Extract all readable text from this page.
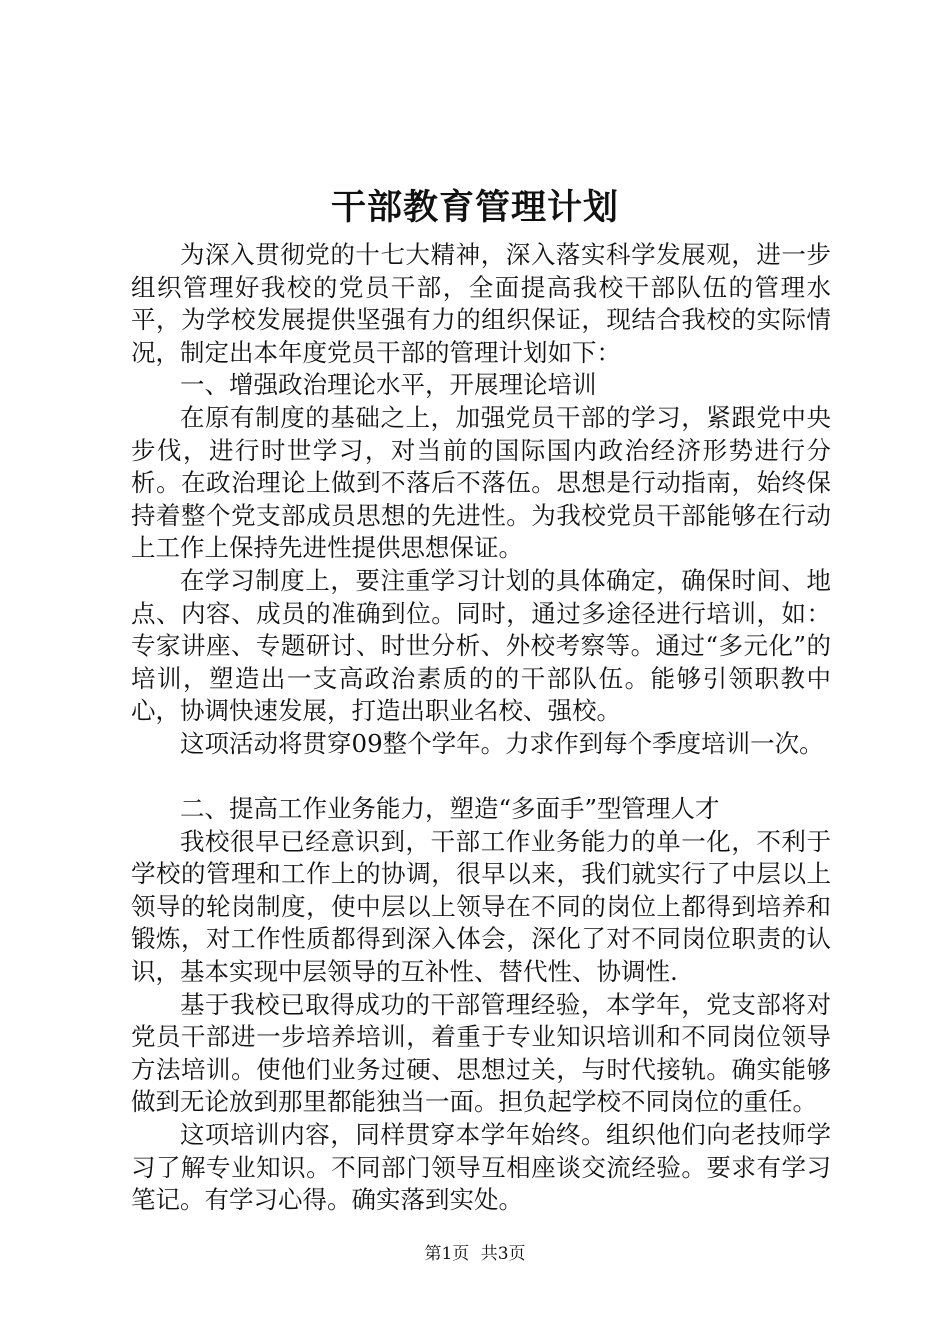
干部教育管理计划

为深入贯彻党的十七大精神，深入落实科学发展观，进一步组织管理好我校的党员干部，全面提高我校干部队伍的管理水平，为学校发展提供坚强有力的组织保证，现结合我校的实际情况，制定出本年度党员干部的管理计划如下：

一、增强政治理论水平，开展理论培训

在原有制度的基础之上，加强党员干部的学习，紧跟党中央步伐，进行时世学习，对当前的国际国内政治经济形势进行分析。在政治理论上做到不落后不落伍。思想是行动指南，始终保持着整个党支部成员思想的先进性。为我校党员干部能够在行动上工作上保持先进性提供思想保证。

在学习制度上，要注重学习计划的具体确定，确保时间、地点、内容、成员的准确到位。同时，通过多途径进行培训，如：专家讲座、专题研讨、时世分析、外校考察等。通过“多元化”的培训，塑造出一支高政治素质的的干部队伍。能够引领职教中心，协调快速发展，打造出职业名校、强校。

这项活动将贯穿09整个学年。力求作到每个季度培训一次。

二、提高工作业务能力，塑造“多面手”型管理人才

我校很早已经意识到，干部工作业务能力的单一化，不利于学校的管理和工作上的协调，很早以来，我们就实行了中层以上领导的轮岗制度，使中层以上领导在不同的岗位上都得到培养和锻炼，对工作性质都得到深入体会，深化了对不同岗位职责的认识，基本实现中层领导的互补性、替代性、协调性.

基于我校已取得成功的干部管理经验，本学年，党支部将对党员干部进一步培养培训，着重于专业知识培训和不同岗位领导方法培训。使他们业务过硬、思想过关，与时代接轨。确实能够做到无论放到那里都能独当一面。担负起学校不同岗位的重任。

这项培训内容，同样贯穿本学年始终。组织他们向老技师学习了解专业知识。不同部门领导互相座谈交流经验。要求有学习笔记。有学习心得。确实落到实处。

第1页 共3页
